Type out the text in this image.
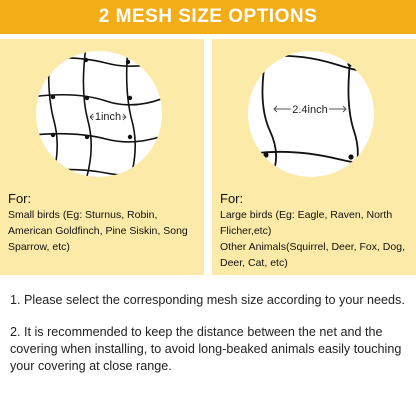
2 MESH SIZE OPTIONS
1inch
For:

Small birds (Eg: Sturnus, Robin, American Goldfinch, Pine Siskin, Song Sparrow, etc)

2.4inch
For:

Large birds (Eg: Eagle, Raven, North Flicher,etc)

Other Animals(Squirrel, Deer, Fox, Dog, Deer, Cat, etc)

1. Please select the corresponding mesh size according to your needs.

2. It is recommended to keep the distance between the net and the covering when installing, to avoid long-beaked animals easily touching your covering at close range.
